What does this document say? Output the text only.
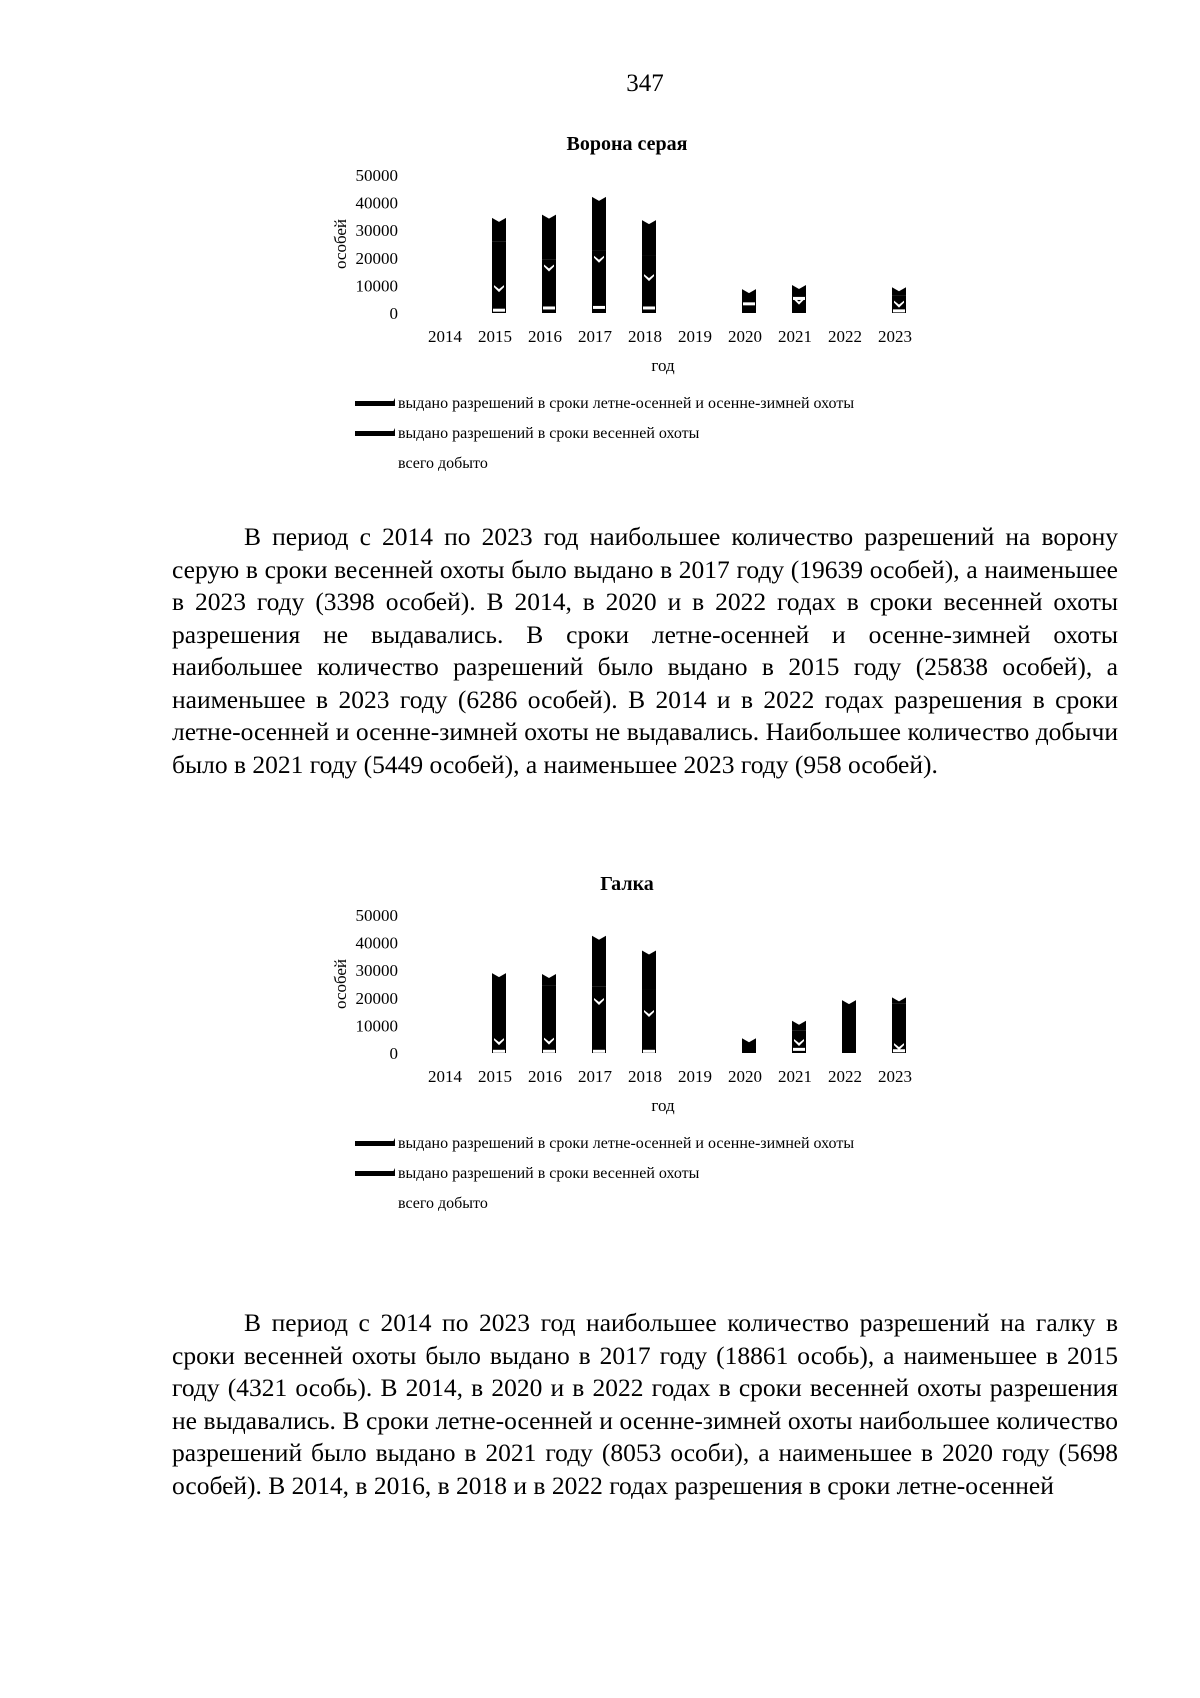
347
Ворона серая
0
10000
20000
30000
40000
50000
особей
2014 2015 2016 2017 2018 2019 2020 2021 2022 2023
год
выдано разрешений в сроки летне-осенней и осенне-зимней охоты
выдано разрешений в сроки весенней охоты
всего добыто

В период с 2014 по 2023 год наибольшее количество разрешений на ворону серую в сроки весенней охоты было выдано в 2017 году (19639 особей), а наименьшее в 2023 году (3398 особей). В 2014, в 2020 и в 2022 годах в сроки весенней охоты разрешения не выдавались. В сроки летне-осенней и осенне-зимней охоты наибольшее количество разрешений было выдано в 2015 году (25838 особей), а наименьшее в 2023 году (6286 особей). В 2014 и в 2022 годах разрешения в сроки летне-осенней и осенне-зимней охоты не выдавались. Наибольшее количество добычи было в 2021 году (5449 особей), а наименьшее 2023 году (958 особей).

Галка
0
10000
20000
30000
40000
50000
особей
2014 2015 2016 2017 2018 2019 2020 2021 2022 2023
год
выдано разрешений в сроки летне-осенней и осенне-зимней охоты
выдано разрешений в сроки весенней охоты
всего добыто

В период с 2014 по 2023 год наибольшее количество разрешений на галку в сроки весенней охоты было выдано в 2017 году (18861 особь), а наименьшее в 2015 году (4321 особь). В 2014, в 2020 и в 2022 годах в сроки весенней охоты разрешения не выдавались. В сроки летне-осенней и осенне-зимней охоты наибольшее количество разрешений было выдано в 2021 году (8053 особи), а наименьшее в 2020 году (5698 особей). В 2014, в 2016, в 2018 и в 2022 годах разрешения в сроки летне-осенней
